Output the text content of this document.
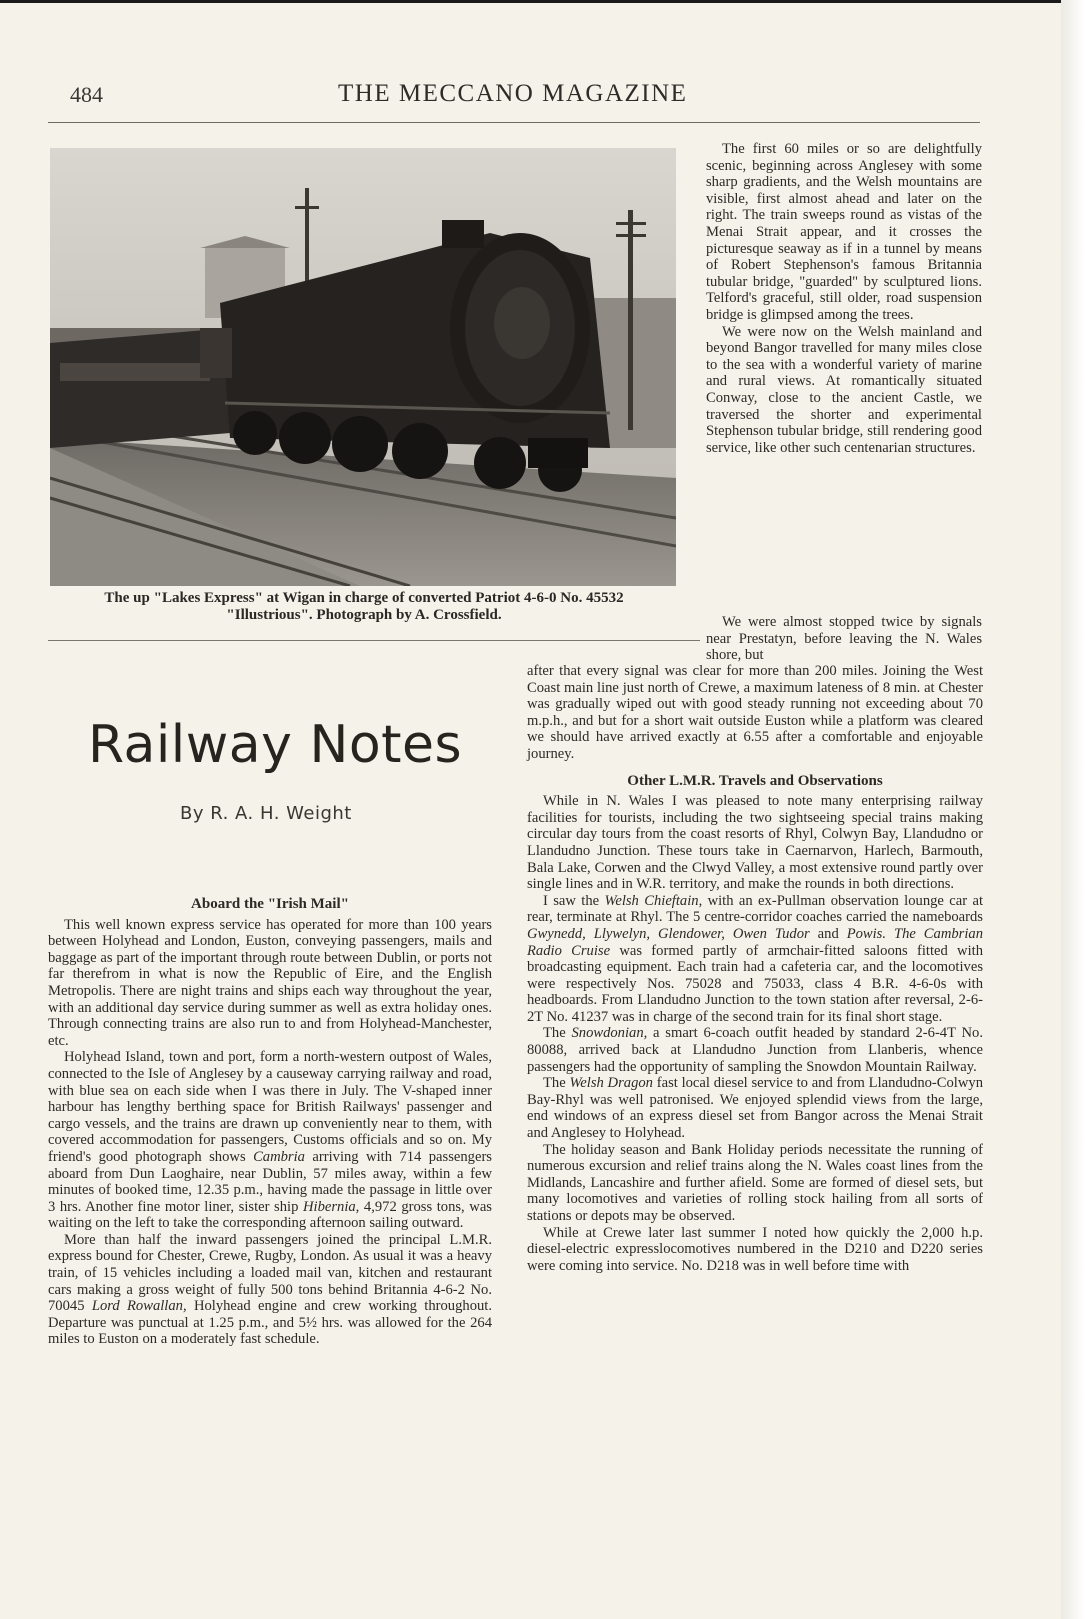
484	THE MECCANO MAGAZINE
The up "Lakes Express" at Wigan in charge of converted Patriot 4-6-0 No. 45532
"Illustrious". Photograph by A. Crossfield.
Railway Notes
By R. A. H. Weight
Aboard the "Irish Mail"

This well known express service has operated for more than 100 years between Holyhead and London, Euston, conveying passengers, mails and baggage as part of the important through route between Dublin, or ports not far therefrom in what is now the Republic of Eire, and the English Metropolis. There are night trains and ships each way throughout the year, with an additional day service during summer as well as extra holiday ones. Through connecting trains are also run to and from Holyhead-Manchester, etc.

Holyhead Island, town and port, form a north-western outpost of Wales, connected to the Isle of Anglesey by a causeway carrying railway and road, with blue sea on each side when I was there in July. The V-shaped inner harbour has lengthy berthing space for British Railways' passenger and cargo vessels, and the trains are drawn up conveniently near to them, with covered accommodation for passengers, Customs officials and so on. My friend's good photograph shows Cambria arriving with 714 passengers aboard from Dun Laoghaire, near Dublin, 57 miles away, within a few minutes of booked time, 12.35 p.m., having made the passage in little over 3 hrs. Another fine motor liner, sister ship Hibernia, 4,972 gross tons, was waiting on the left to take the corresponding afternoon sailing outward.

More than half the inward passengers joined the principal L.M.R. express bound for Chester, Crewe, Rugby, London. As usual it was a heavy train, of 15 vehicles including a loaded mail van, kitchen and restaurant cars making a gross weight of fully 500 tons behind Britannia 4-6-2 No. 70045 Lord Rowallan, Holyhead engine and crew working throughout. Departure was punctual at 1.25 p.m., and 5½ hrs. was allowed for the 264 miles to Euston on a moderately fast schedule.

The first 60 miles or so are delightfully scenic, beginning across Anglesey with some sharp gradients, and the Welsh mountains are visible, first almost ahead and later on the right. The train sweeps round as vistas of the Menai Strait appear, and it crosses the picturesque seaway as if in a tunnel by means of Robert Stephenson's famous Britannia tubular bridge, "guarded" by sculptured lions. Telford's graceful, still older, road suspension bridge is glimpsed among the trees.

We were now on the Welsh mainland and beyond Bangor travelled for many miles close to the sea with a wonderful variety of marine and rural views. At romantically situated Conway, close to the ancient Castle, we traversed the shorter and experimental Stephenson tubular bridge, still rendering good service, like other such centenarian structures.

We were almost stopped twice by signals near Prestatyn, before leaving the N. Wales shore, but

after that every signal was clear for more than 200 miles. Joining the West Coast main line just north of Crewe, a maximum lateness of 8 min. at Chester was gradually wiped out with good steady running not exceeding about 70 m.p.h., and but for a short wait outside Euston while a platform was cleared we should have arrived exactly at 6.55 after a comfortable and enjoyable journey.

Other L.M.R. Travels and Observations

While in N. Wales I was pleased to note many enterprising railway facilities for tourists, including the two sightseeing special trains making circular day tours from the coast resorts of Rhyl, Colwyn Bay, Llandudno or Llandudno Junction. These tours take in Caernarvon, Harlech, Barmouth, Bala Lake, Corwen and the Clwyd Valley, a most extensive round partly over single lines and in W.R. territory, and make the rounds in both directions.

I saw the Welsh Chieftain, with an ex-Pullman observation lounge car at rear, terminate at Rhyl. The 5 centre-corridor coaches carried the nameboards Gwynedd, Llywelyn, Glendower, Owen Tudor and Powis. The Cambrian Radio Cruise was formed partly of armchair-fitted saloons fitted with broadcasting equipment. Each train had a cafeteria car, and the locomotives were respectively Nos. 75028 and 75033, class 4 B.R. 4-6-0s with headboards. From Llandudno Junction to the town station after reversal, 2-6-2T No. 41237 was in charge of the second train for its final short stage.

The Snowdonian, a smart 6-coach outfit headed by standard 2-6-4T No. 80088, arrived back at Llandudno Junction from Llanberis, whence passengers had the opportunity of sampling the Snowdon Mountain Railway.

The Welsh Dragon fast local diesel service to and from Llandudno-Colwyn Bay-Rhyl was well patronised. We enjoyed splendid views from the large, end windows of an express diesel set from Bangor across the Menai Strait and Anglesey to Holyhead.

The holiday season and Bank Holiday periods necessitate the running of numerous excursion and relief trains along the N. Wales coast lines from the Midlands, Lancashire and further afield. Some are formed of diesel sets, but many locomotives and varieties of rolling stock hailing from all sorts of stations or depots may be observed.

While at Crewe later last summer I noted how quickly the 2,000 h.p. diesel-electric expresslocomotives numbered in the D210 and D220 series were coming into service. No. D218 was in well before time with
